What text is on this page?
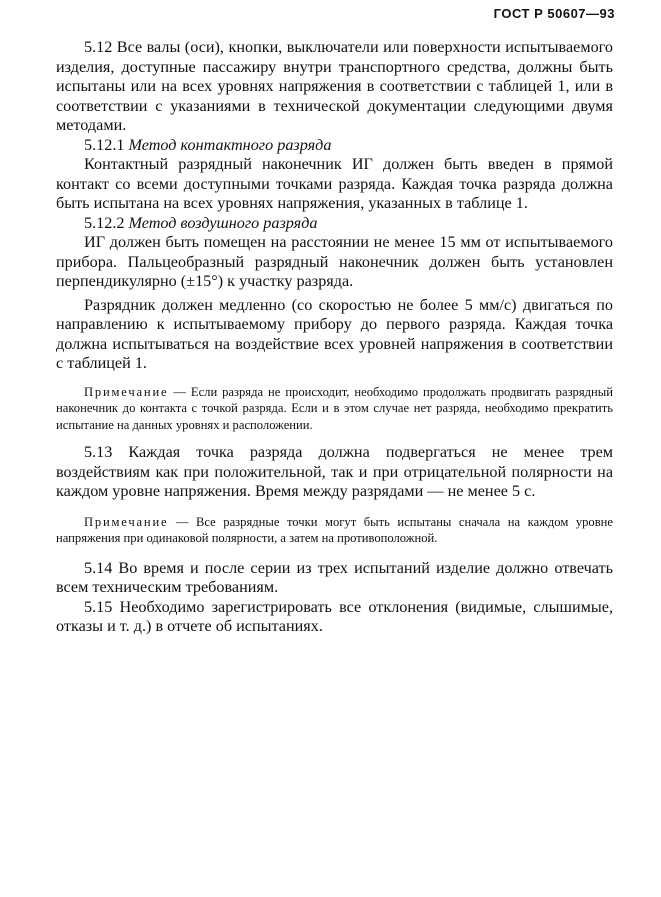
ГОСТ Р 50607—93

5.12 Все валы (оси), кнопки, выключатели или поверхности испытываемого изделия, доступные пассажиру внутри транспортного средства, должны быть испытаны или на всех уровнях напряжения в соответствии с таблицей 1, или в соответствии с указаниями в технической документации следующими двумя методами.

5.12.1 Метод контактного разряда

Контактный разрядный наконечник ИГ должен быть введен в прямой контакт со всеми доступными точками разряда. Каждая точка разряда должна быть испытана на всех уровнях напряжения, указанных в таблице 1.

5.12.2 Метод воздушного разряда

ИГ должен быть помещен на расстоянии не менее 15 мм от испытываемого прибора. Пальцеобразный разрядный наконечник должен быть установлен перпендикулярно (±15°) к участку разряда.

Разрядник должен медленно (со скоростью не более 5 мм/с) двигаться по направлению к испытываемому прибору до первого разряда. Каждая точка должна испытываться на воздействие всех уровней напряжения в соответствии с таблицей 1.

Примечание — Если разряда не происходит, необходимо продолжать продвигать разрядный наконечник до контакта с точкой разряда. Если и в этом случае нет разряда, необходимо прекратить испытание на данных уровнях и расположении.

5.13 Каждая точка разряда должна подвергаться не менее трем воздействиям как при положительной, так и при отрицательной полярности на каждом уровне напряжения. Время между разрядами — не менее 5 с.

Примечание — Все разрядные точки могут быть испытаны сначала на каждом уровне напряжения при одинаковой полярности, а затем на противоположной.

5.14 Во время и после серии из трех испытаний изделие должно отвечать всем техническим требованиям.

5.15 Необходимо зарегистрировать все отклонения (видимые, слышимые, отказы и т. д.) в отчете об испытаниях.
